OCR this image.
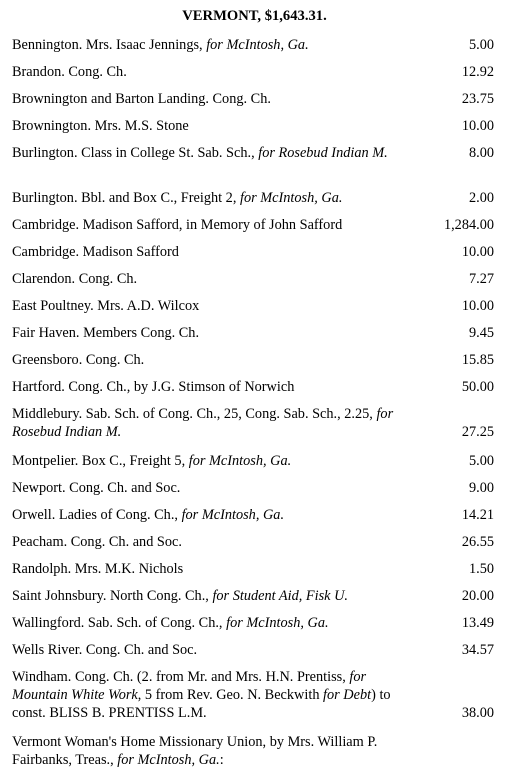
VERMONT, $1,643.31.
Bennington. Mrs. Isaac Jennings, for McIntosh, Ga.	5.00
Brandon. Cong. Ch.	12.92
Brownington and Barton Landing. Cong. Ch.	23.75
Brownington. Mrs. M.S. Stone	10.00
Burlington. Class in College St. Sab. Sch., for Rosebud Indian M.	8.00
Burlington. Bbl. and Box C., Freight 2, for McIntosh, Ga.	2.00
Cambridge. Madison Safford, in Memory of John Safford	1,284.00
Cambridge. Madison Safford	10.00
Clarendon. Cong. Ch.	7.27
East Poultney. Mrs. A.D. Wilcox	10.00
Fair Haven. Members Cong. Ch.	9.45
Greensboro. Cong. Ch.	15.85
Hartford. Cong. Ch., by J.G. Stimson of Norwich	50.00
Middlebury. Sab. Sch. of Cong. Ch., 25, Cong. Sab. Sch., 2.25, for Rosebud Indian M.	27.25
Montpelier. Box C., Freight 5, for McIntosh, Ga.	5.00
Newport. Cong. Ch. and Soc.	9.00
Orwell. Ladies of Cong. Ch., for McIntosh, Ga.	14.21
Peacham. Cong. Ch. and Soc.	26.55
Randolph. Mrs. M.K. Nichols	1.50
Saint Johnsbury. North Cong. Ch., for Student Aid, Fisk U.	20.00
Wallingford. Sab. Sch. of Cong. Ch., for McIntosh, Ga.	13.49
Wells River. Cong. Ch. and Soc.	34.57
Windham. Cong. Ch. (2. from Mr. and Mrs. H.N. Prentiss, for Mountain White Work, 5 from Rev. Geo. N. Beckwith for Debt) to const. BLISS B. PRENTISS L.M.	38.00
Vermont Woman's Home Missionary Union, by Mrs. William P. Fairbanks, Treas., for McIntosh, Ga.:
